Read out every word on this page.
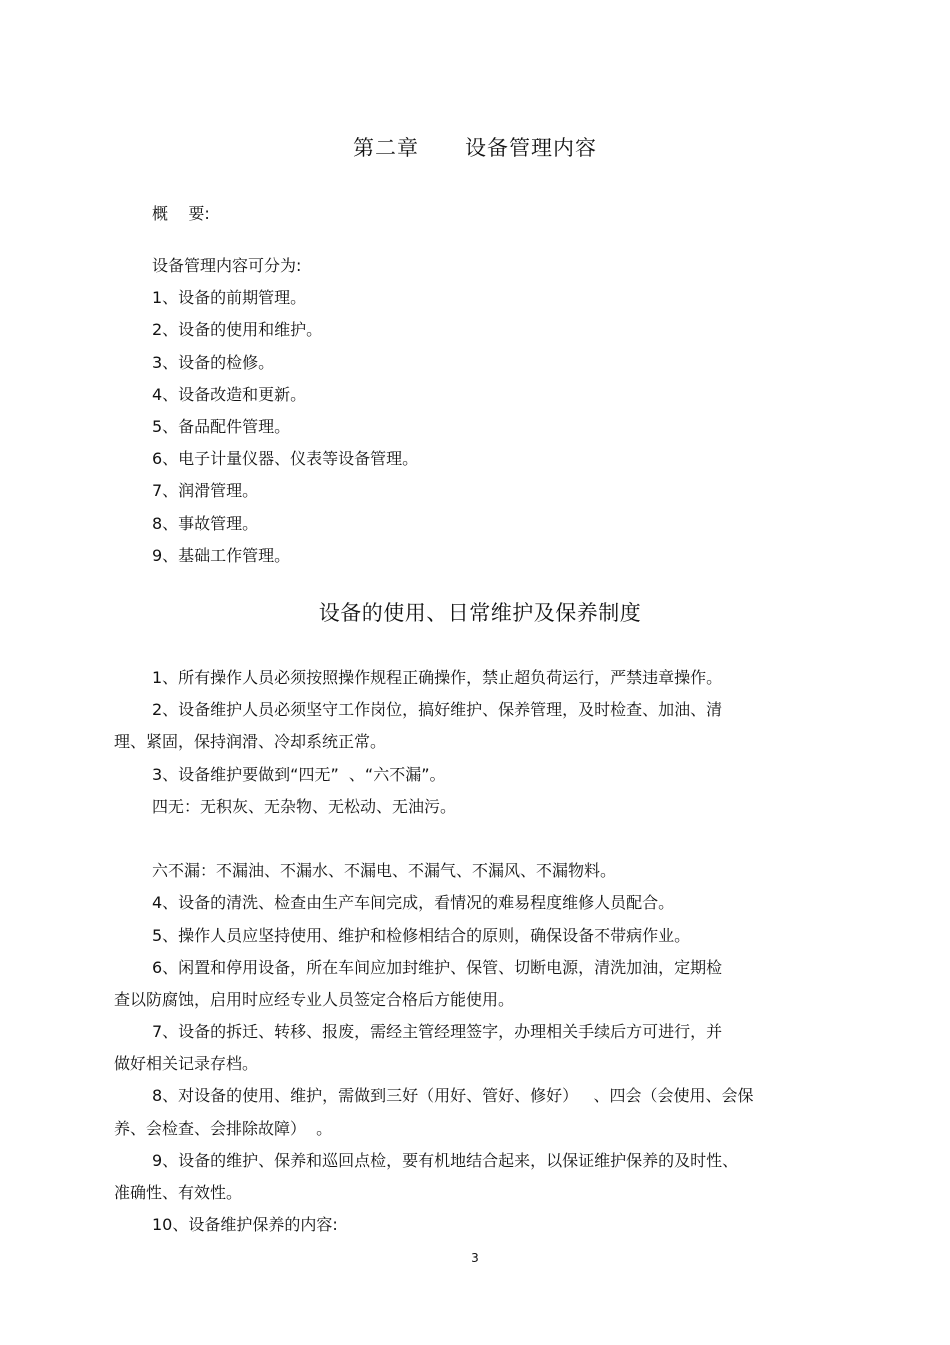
第二章      设备管理内容
概    要:
设备管理内容可分为:
1、设备的前期管理。
2、设备的使用和维护。
3、设备的检修。
4、设备改造和更新。
5、备品配件管理。
6、电子计量仪器、仪表等设备管理。
7、润滑管理。
8、事故管理。
9、基础工作管理。
设备的使用、日常维护及保养制度
1、所有操作人员必须按照操作规程正确操作，禁止超负荷运行，严禁违章操作。
2、设备维护人员必须坚守工作岗位，搞好维护、保养管理，及时检查、加油、清
理、紧固，保持润滑、冷却系统正常。
3、设备维护要做到“四无”  、“六不漏”。
四无：无积灰、无杂物、无松动、无油污。
六不漏：不漏油、不漏水、不漏电、不漏气、不漏风、不漏物料。
4、设备的清洗、检查由生产车间完成，看情况的难易程度维修人员配合。
5、操作人员应坚持使用、维护和检修相结合的原则，确保设备不带病作业。
6、闲置和停用设备，所在车间应加封维护、保管、切断电源，清洗加油，定期检
查以防腐蚀，启用时应经专业人员签定合格后方能使用。
7、设备的拆迁、转移、报废，需经主管经理签字，办理相关手续后方可进行，并
做好相关记录存档。
8、对设备的使用、维护，需做到三好（用好、管好、修好）   、四会（会使用、会保
养、会检查、会排除故障）  。
9、设备的维护、保养和巡回点检，要有机地结合起来，以保证维护保养的及时性、
准确性、有效性。
10、设备维护保养的内容:
3
